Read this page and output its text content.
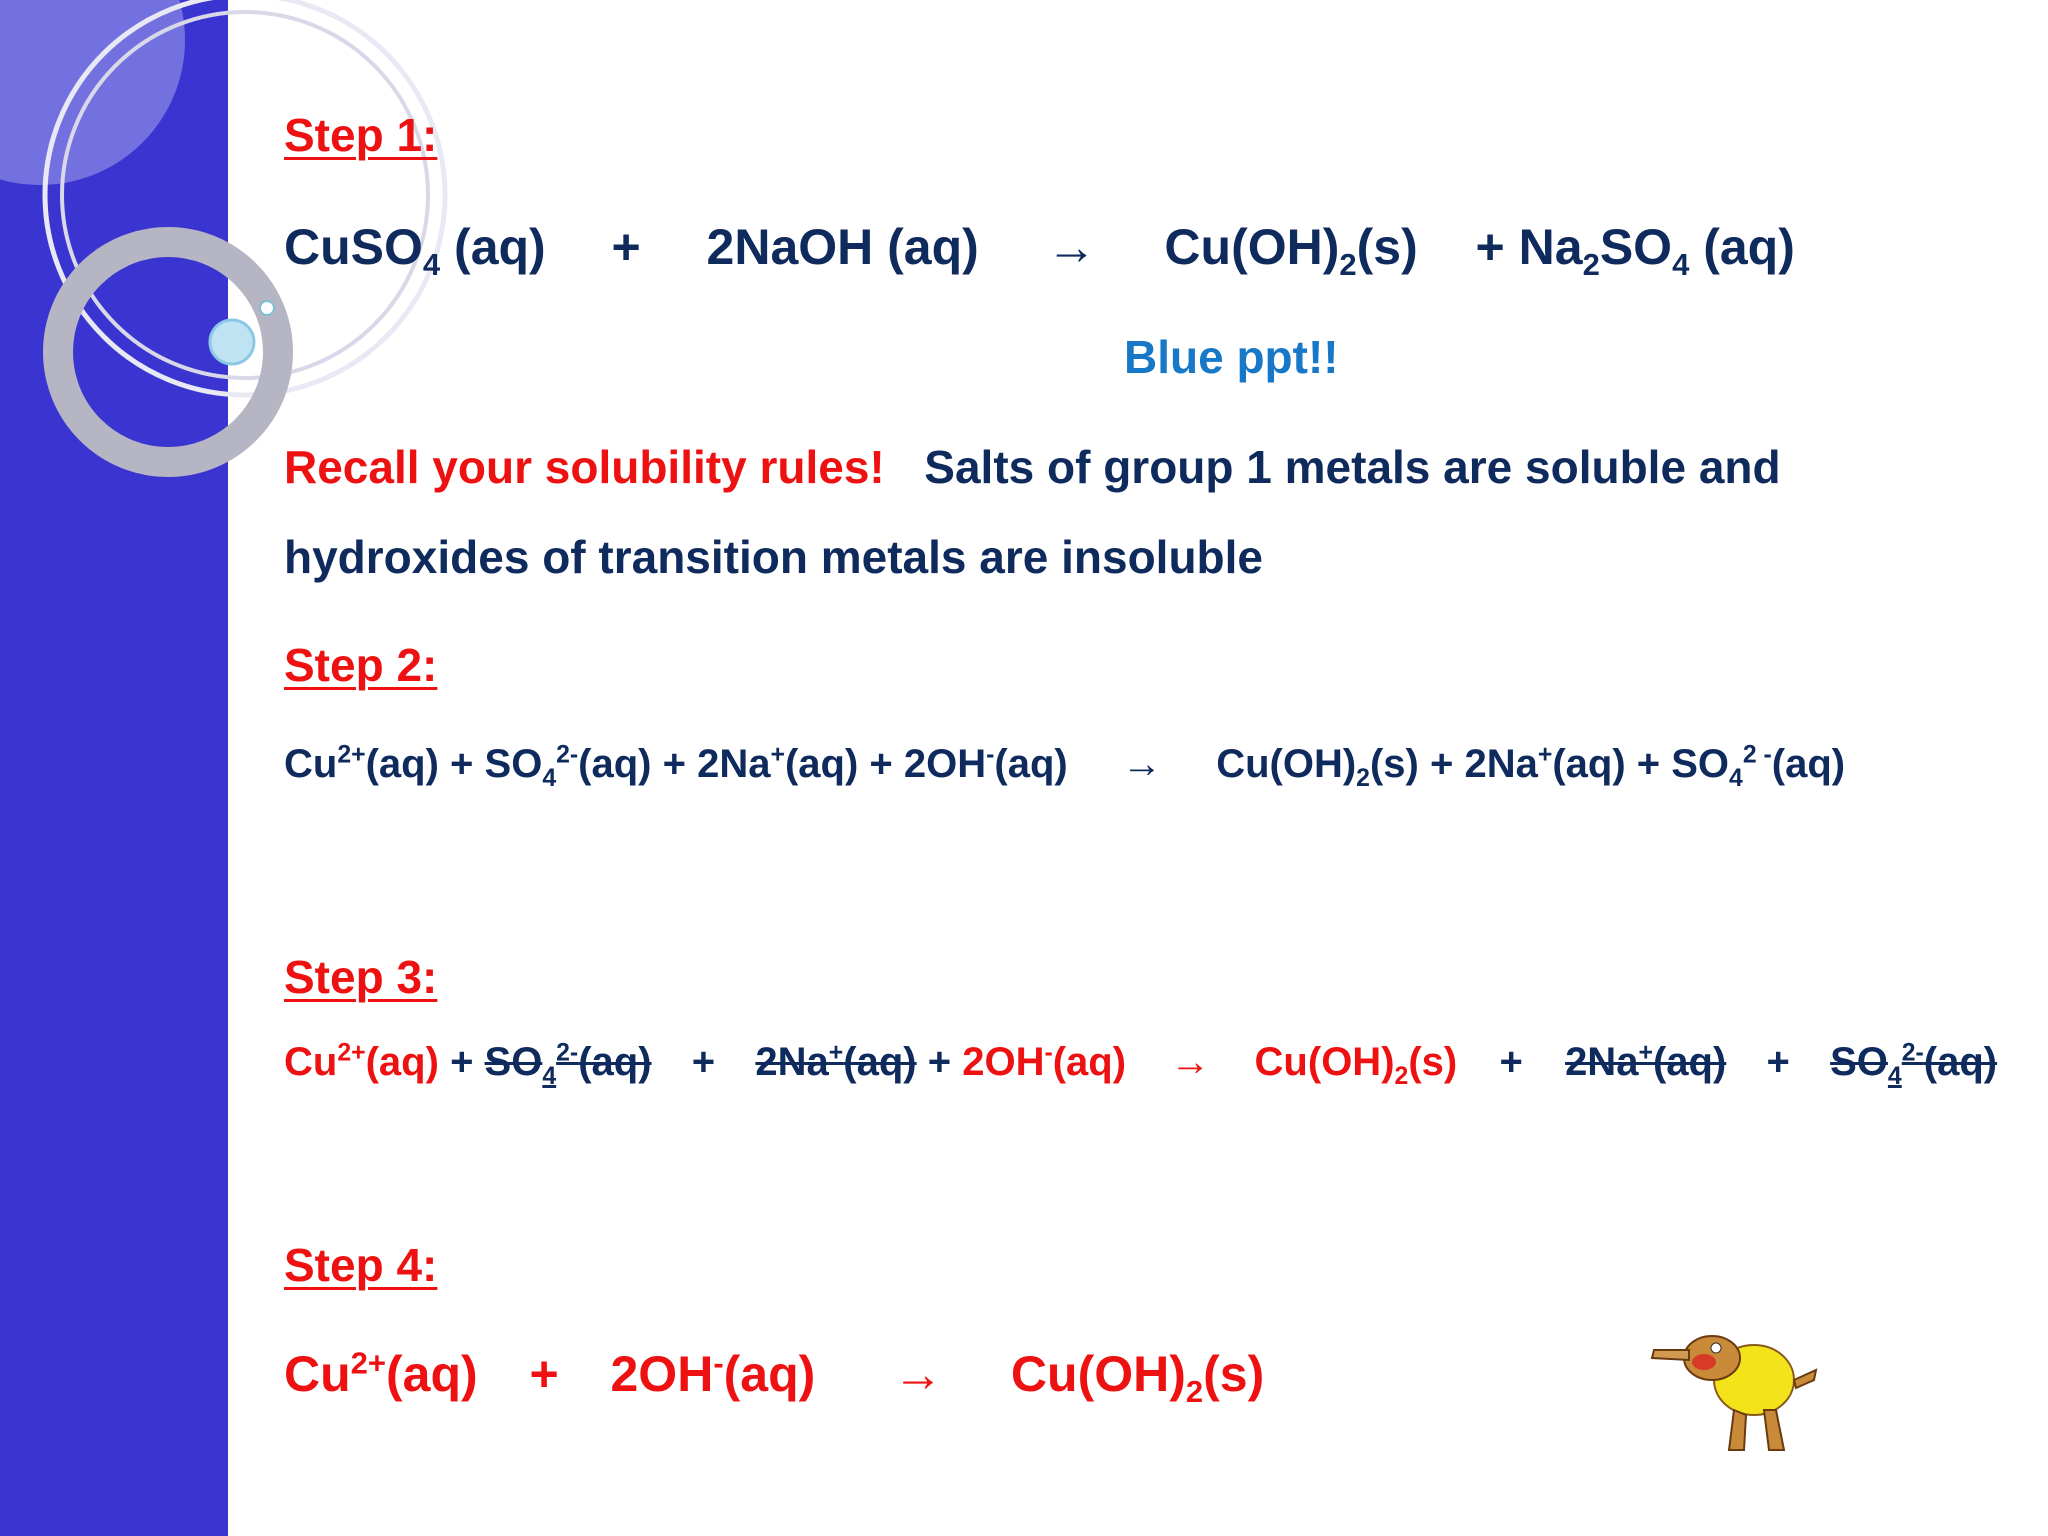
Step 1:
CuSO$_4$ (aq) + 2NaOH $(aq) \to Cu(OH)_2(s) + Na_2SO_4$ (aq)
Blue ppt!!
Recall your solubility rules! Salts of group 1 metals are soluble and
hydroxides of transition metals are insoluble
Step 2:
$Cu^{2+}(aq) + SO_4^{2-}(aq) + 2Na^+(aq) + 2OH^-(aq) \to Cu(OH)_2(s) + 2Na^+(aq) + SO_4^{2 -}(aq)$
Step 3:
$Cu^{2+}(aq) + SO_4^{2-}(aq) + 2Na^+(aq) + 2OH^-(aq) \to Cu(OH)_2(s) + 2Na^+(aq) + SO_4^{2-}(aq)$
Step 4:
$Cu^{2+}(aq) + 2OH^-(aq) \to Cu(OH)_2(s)$
